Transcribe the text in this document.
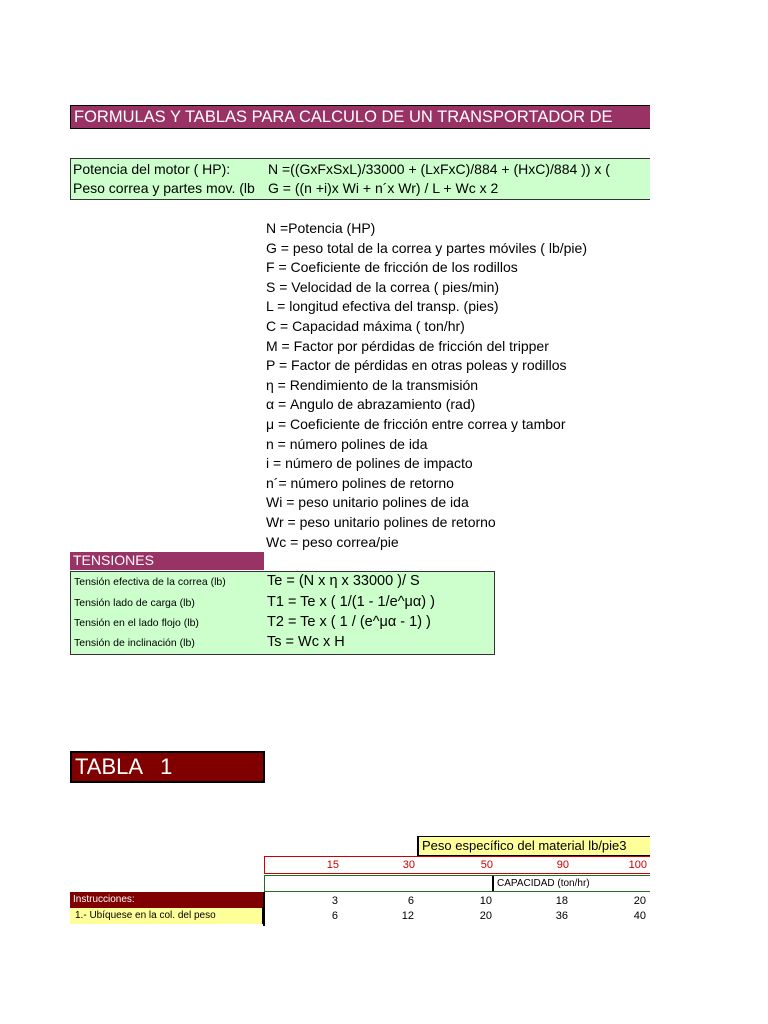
FORMULAS Y TABLAS PARA CALCULO DE UN TRANSPORTADOR DE
Potencia del motor ( HP):	N =((GxFxSxL)/33000 + (LxFxC)/884 + (HxC)/884 )) x (
Peso correa y partes mov. (lb G = ((n +i)x Wi + n´x Wr) / L + Wc x 2
N =Potencia (HP)
G = peso total de la correa y partes móviles ( lb/pie)
F = Coeficiente de fricción de los rodillos
S = Velocidad de la correa ( pies/min)
L = longitud efectiva del transp. (pies)
C = Capacidad máxima ( ton/hr)
M = Factor por pérdidas de fricción del tripper
P = Factor de pérdidas en otras poleas y rodillos
η = Rendimiento de la transmisión
α = Angulo de abrazamiento (rad)
μ = Coeficiente de fricción entre correa y tambor
n = número polines de ida
i = número de polines de impacto
n´= número polines de retorno
Wi = peso unitario polines de ida
Wr = peso unitario polines de retorno
Wc = peso correa/pie
TENSIONES
Tensión efectiva de la correa (lb)	Te = (N x η x 33000 )/ S
Tensión lado de carga (lb)	T1 = Te x ( 1/(1 - 1/e^μα) )
Tensión en el lado flojo (lb)	T2 = Te x ( 1 / (e^μα - 1) )
Tensión de inclinación (lb)	Ts = Wc x H
TABLA   1
Peso específico del material lb/pie3
15	30	50	90	100
CAPACIDAD (ton/hr)
Instrucciones:
1.- Ubíquese en la col. del peso
3	6	10	18	20
6	12	20	36	40
